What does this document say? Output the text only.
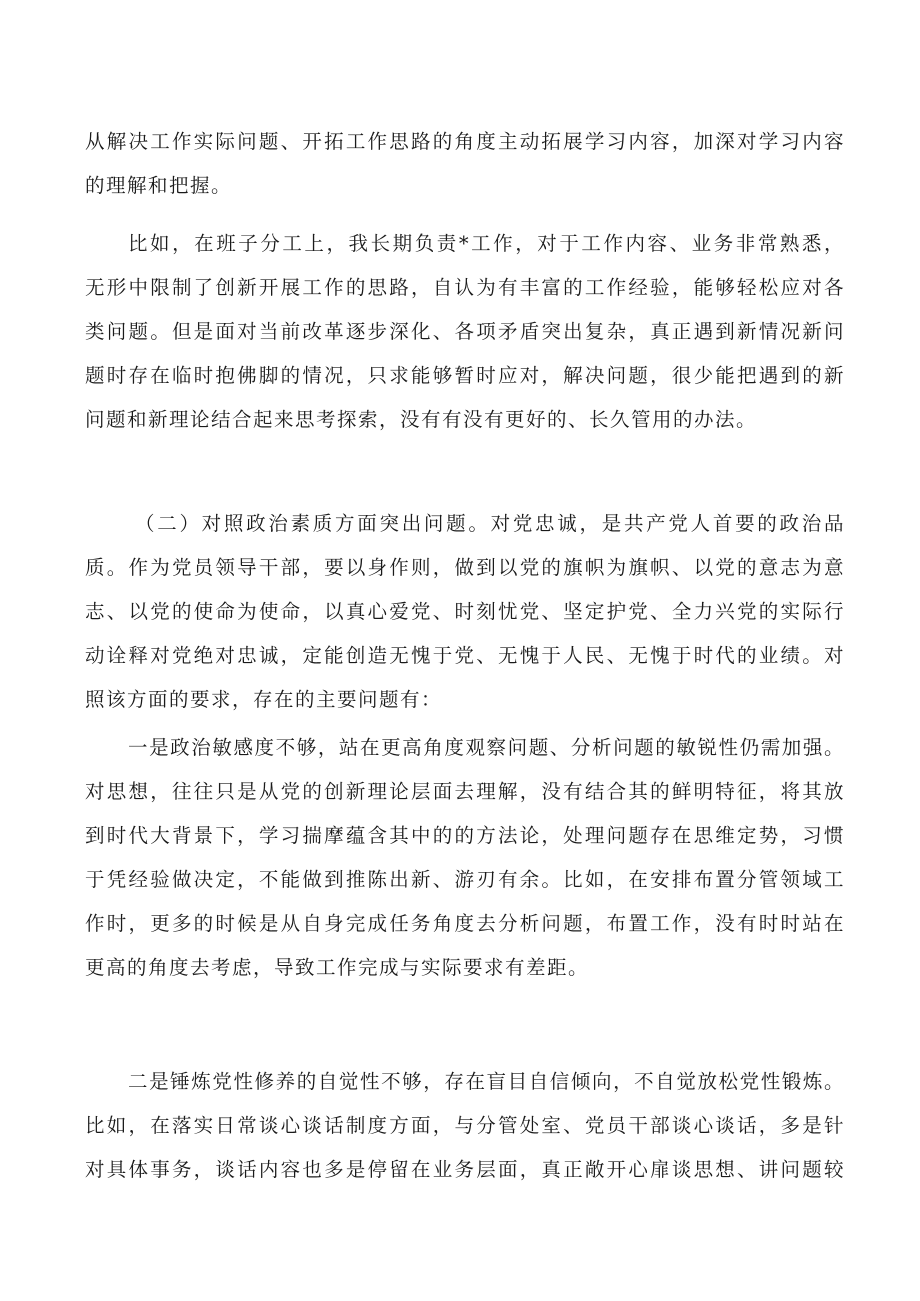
从解决工作实际问题、开拓工作思路的角度主动拓展学习内容，加深对学习内容
的理解和把握。
比如，在班子分工上，我长期负责*工作，对于工作内容、业务非常熟悉，
无形中限制了创新开展工作的思路，自认为有丰富的工作经验，能够轻松应对各
类问题。但是面对当前改革逐步深化、各项矛盾突出复杂，真正遇到新情况新问
题时存在临时抱佛脚的情况，只求能够暂时应对，解决问题，很少能把遇到的新
问题和新理论结合起来思考探索，没有有没有更好的、长久管用的办法。
（二）对照政治素质方面突出问题。对党忠诚，是共产党人首要的政治品
质。作为党员领导干部，要以身作则，做到以党的旗帜为旗帜、以党的意志为意
志、以党的使命为使命，以真心爱党、时刻忧党、坚定护党、全力兴党的实际行
动诠释对党绝对忠诚，定能创造无愧于党、无愧于人民、无愧于时代的业绩。对
照该方面的要求，存在的主要问题有：
一是政治敏感度不够，站在更高角度观察问题、分析问题的敏锐性仍需加强。
对思想，往往只是从党的创新理论层面去理解，没有结合其的鲜明特征，将其放
到时代大背景下，学习揣摩蕴含其中的的方法论，处理问题存在思维定势，习惯
于凭经验做决定，不能做到推陈出新、游刃有余。比如，在安排布置分管领域工
作时，更多的时候是从自身完成任务角度去分析问题，布置工作，没有时时站在
更高的角度去考虑，导致工作完成与实际要求有差距。
二是锤炼党性修养的自觉性不够，存在盲目自信倾向，不自觉放松党性锻炼。
比如，在落实日常谈心谈话制度方面，与分管处室、党员干部谈心谈话，多是针
对具体事务，谈话内容也多是停留在业务层面，真正敞开心扉谈思想、讲问题较
